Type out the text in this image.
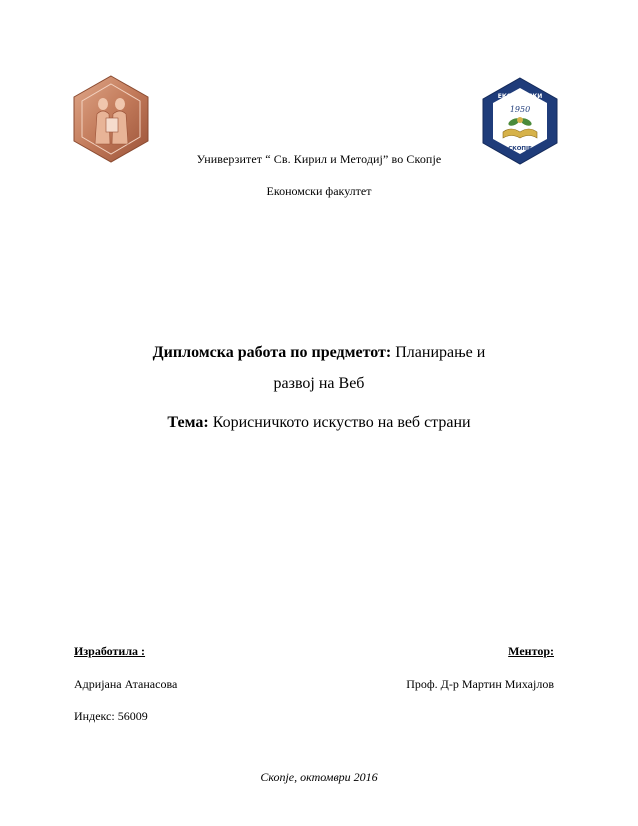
ЕКОНОМСКИ
1950
СКОПЈЕ
Универзитет “ Св. Кирил и Методиј” во Скопје
Економски факултет
Дипломска работа по предметот: Планирање и
развој на Веб
Тема: Корисничкото искуство на веб страни
Изработила :	Ментор:
Адријана Атанасова	Проф. Д-р Мартин Михајлов
Индекс: 56009
Скопје, октомври 2016
